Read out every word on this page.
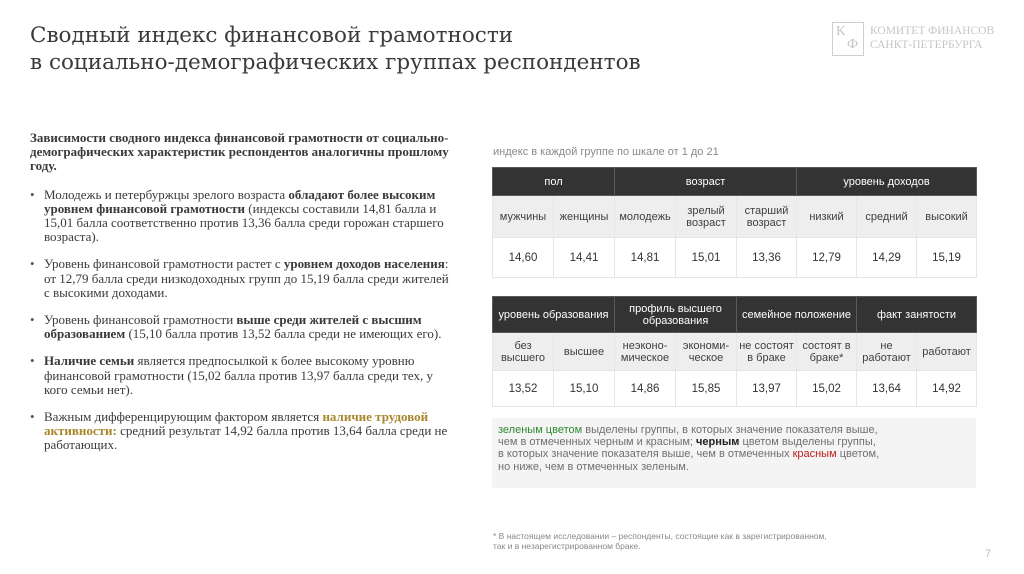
Сводный индекс финансовой грамотности
в социально-демографических группах респондентов
К
Ф
КОМИТЕТ ФИНАНСОВ
САНКТ-ПЕТЕРБУРГА

Зависимости сводного индекса финансовой грамотности от социально-демографических характеристик респондентов аналогичны прошлому году.

• Молодежь и петербуржцы зрелого возраста обладают более высоким уровнем финансовой грамотности (индексы составили 14,81 балла и 15,01 балла соответственно против 13,36 балла среди горожан старшего возраста).
• Уровень финансовой грамотности растет с уровнем доходов населения: от 12,79 балла среди низкодоходных групп до 15,19 балла среди жителей с высокими доходами.
• Уровень финансовой грамотности выше среди жителей с высшим образованием (15,10 балла против 13,52 балла среди не имеющих его).
• Наличие семьи является предпосылкой к более высокому уровню финансовой грамотности (15,02 балла против 13,97 балла среди тех, у кого семьи нет).
• Важным дифференцирующим фактором является наличие трудовой активности: средний результат 14,92 балла против 13,64 балла среди не работающих.
индекс в каждой группе по шкале от 1 до 21
пол		возраст			уровень доходов		
мужчины	женщины	молодежь	зрелый возраст	старший возраст	низкий	средний	высокий
14,60	14,41	14,81	15,01	13,36	12,79	14,29	15,19
уровень образования		профиль высшего образования		семейное положение		факт занятости	
без высшего	высшее	неэконо-мическое	экономи-ческое	не состоят в браке	состоят в браке*	не работают	работают
13,52	15,10	14,86	15,85	13,97	15,02	13,64	14,92
зеленым цветом выделены группы, в которых значение показателя выше,
чем в отмеченных черным и красным; черным цветом выделены группы,
в которых значение показателя выше, чем в отмеченных красным цветом,
но ниже, чем в отмеченных зеленым.
* В настоящем исследовании – респонденты, состоящие как в зарегистрированном,
так и в незарегистрированном браке.
7
